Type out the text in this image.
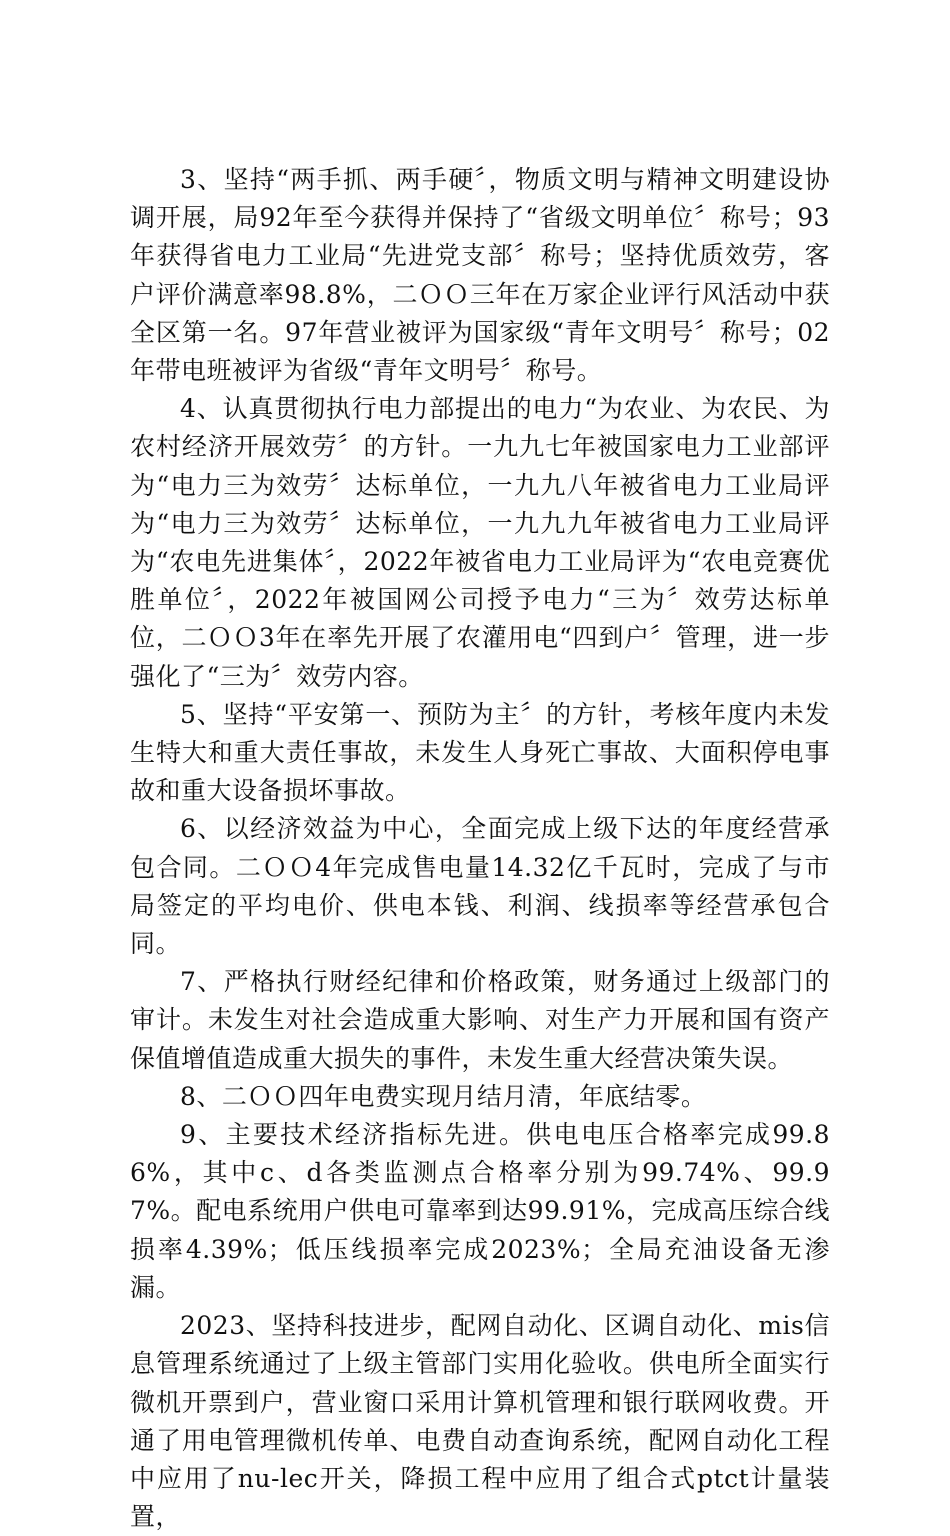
3、坚持“两手抓、两手硬〞，物质文明与精神文明建设协调开展，局92年至今获得并保持了“省级文明单位〞称号；93年获得省电力工业局“先进党支部〞称号；坚持优质效劳，客户评价满意率98.8%，二ＯＯ三年在万家企业评行风活动中获全区第一名。97年营业被评为国家级“青年文明号〞称号；02年带电班被评为省级“青年文明号〞称号。

4、认真贯彻执行电力部提出的电力“为农业、为农民、为农村经济开展效劳〞的方针。一九九七年被国家电力工业部评为“电力三为效劳〞达标单位，一九九八年被省电力工业局评为“电力三为效劳〞达标单位，一九九九年被省电力工业局评为“农电先进集体〞，2022年被省电力工业局评为“农电竞赛优胜单位〞，2022年被国网公司授予电力“三为〞效劳达标单位，二ＯＯ3年在率先开展了农灌用电“四到户〞管理，进一步强化了“三为〞效劳内容。

5、坚持“平安第一、预防为主〞的方针，考核年度内未发生特大和重大责任事故，未发生人身死亡事故、大面积停电事故和重大设备损坏事故。

6、以经济效益为中心，全面完成上级下达的年度经营承包合同。二ＯＯ4年完成售电量14.32亿千瓦时，完成了与市局签定的平均电价、供电本钱、利润、线损率等经营承包合同。

7、严格执行财经纪律和价格政策，财务通过上级部门的审计。未发生对社会造成重大影响、对生产力开展和国有资产保值增值造成重大损失的事件，未发生重大经营决策失误。

8、二ＯＯ四年电费实现月结月清，年底结零。

9、主要技术经济指标先进。供电电压合格率完成99.86%，其中c、d各类监测点合格率分别为99.74%、99.97%。配电系统用户供电可靠率到达99.91%，完成高压综合线损率4.39%；低压线损率完成2023%；全局充油设备无渗漏。

2023、坚持科技进步，配网自动化、区调自动化、mis信息管理系统通过了上级主管部门实用化验收。供电所全面实行微机开票到户，营业窗口采用计算机管理和银行联网收费。开通了用电管理微机传单、电费自动查询系统，配网自动化工程中应用了nu-lec开关，降损工程中应用了组合式ptct计量装置，
